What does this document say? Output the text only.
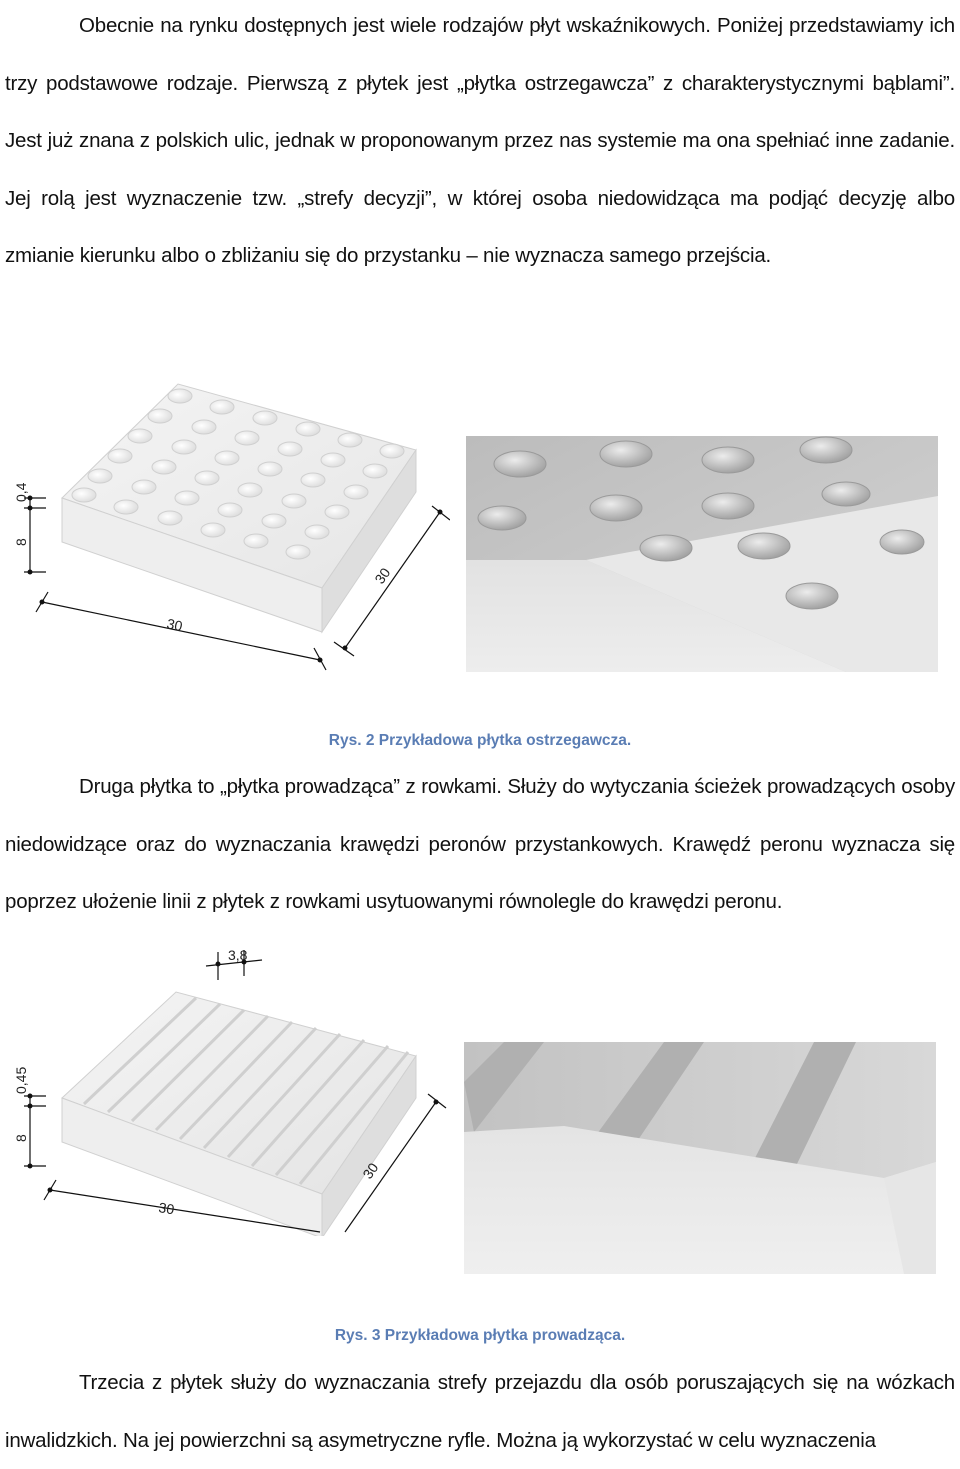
Obecnie na rynku dostępnych jest wiele rodzajów płyt wskaźnikowych. Poniżej przedstawiamy ich trzy podstawowe rodzaje. Pierwszą z płytek jest „płytka ostrzegawcza” z charakterystycznymi bąblami”. Jest już znana z polskich ulic, jednak w proponowanym przez nas systemie ma ona spełniać inne zadanie. Jej rolą jest wyznaczenie tzw. „strefy decyzji”, w której osoba niedowidząca ma podjąć decyzję albo zmianie kierunku albo o zbliżaniu się do przystanku – nie wyznacza samego przejścia.

8
0,4
30
30

Rys. 2 Przykładowa płytka ostrzegawcza.

Druga płytka to „płytka prowadząca” z rowkami. Służy do wytyczania ścieżek prowadzących osoby niedowidzące oraz do wyznaczania krawędzi peronów przystankowych. Krawędź peronu wyznacza się poprzez ułożenie linii z płytek z rowkami usytuowanymi równolegle do krawędzi peronu.

8
0,45
3,8
30
30

Rys. 3 Przykładowa płytka prowadząca.

Trzecia z płytek służy do wyznaczania strefy przejazdu dla osób poruszających się na wózkach inwalidzkich. Na jej powierzchni są asymetryczne ryfle. Można ją wykorzystać w celu wyznaczenia
